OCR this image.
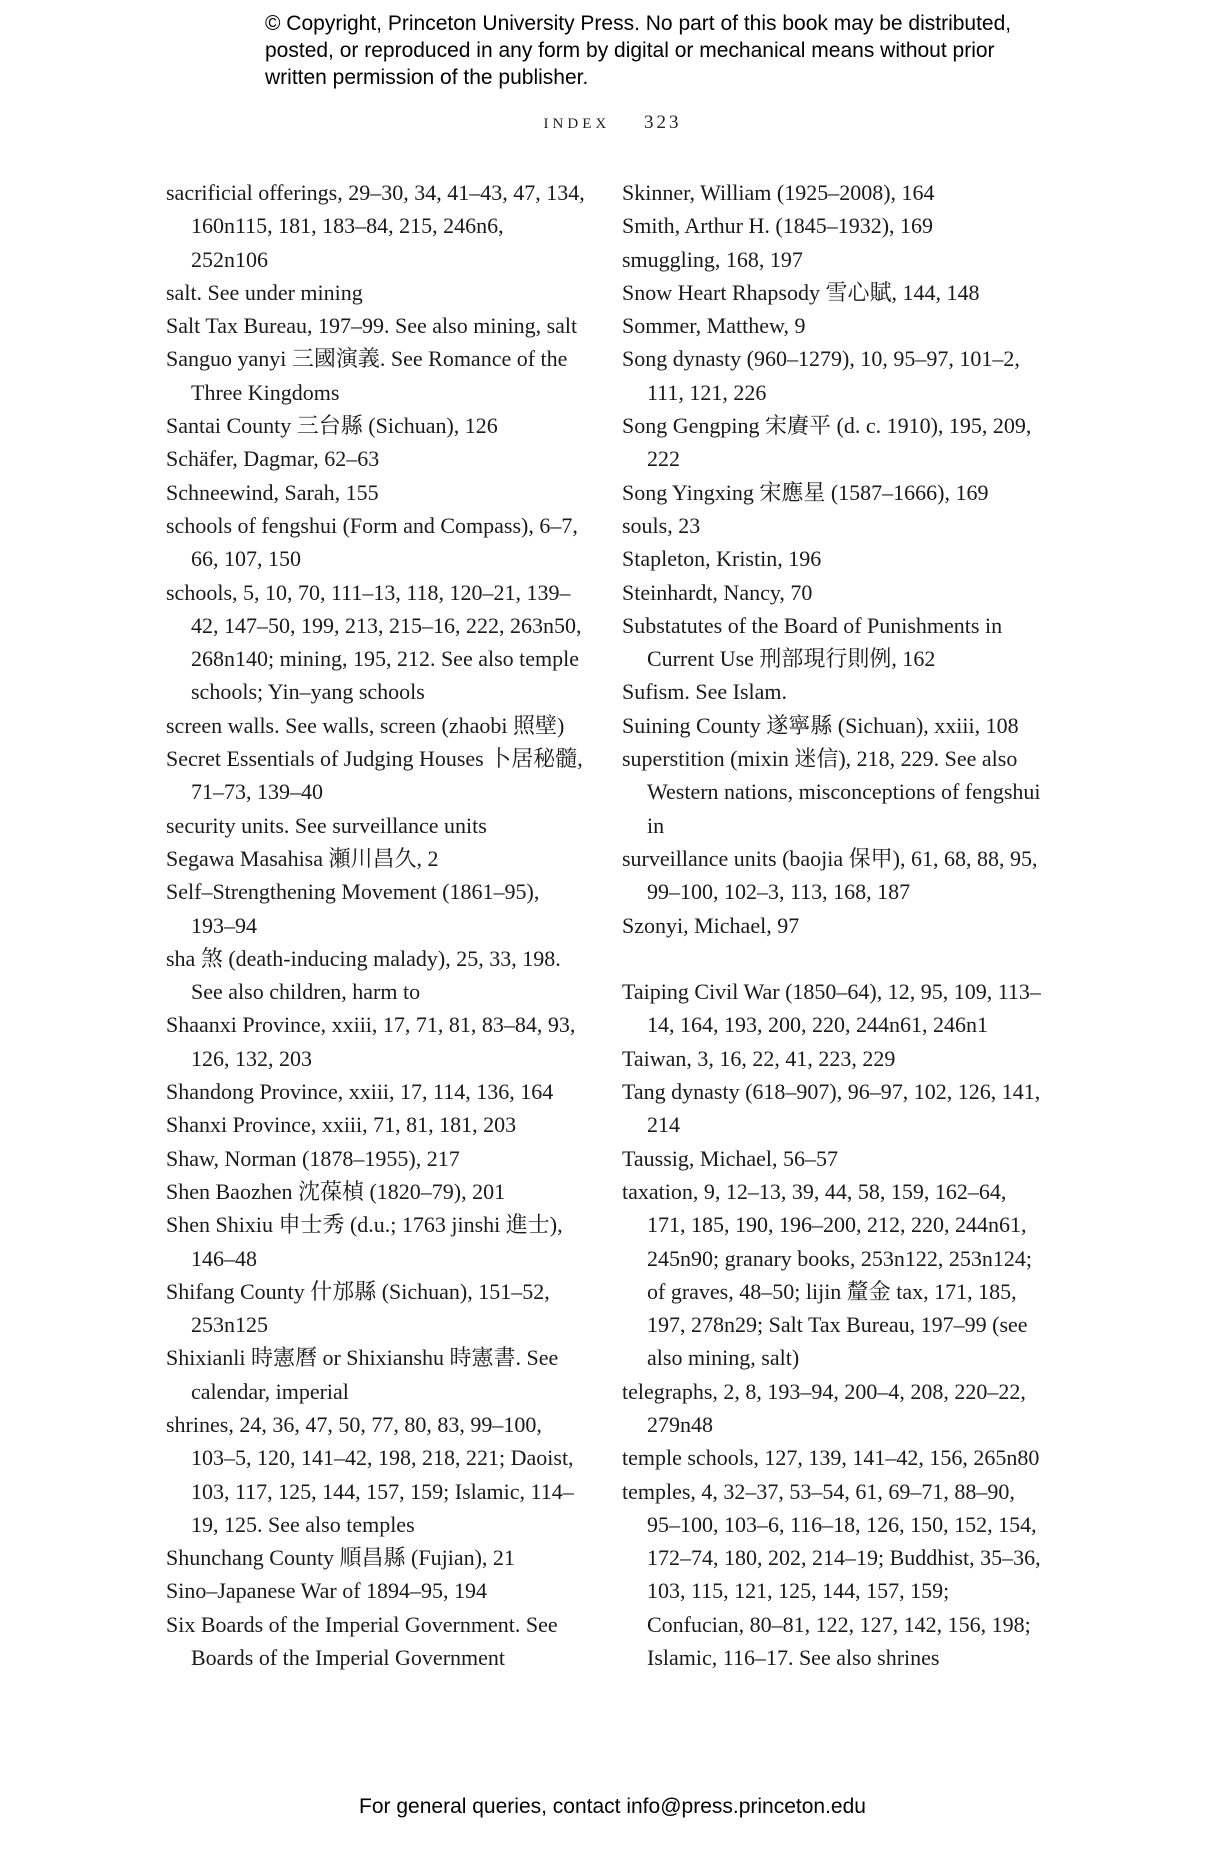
© Copyright, Princeton University Press. No part of this book may be distributed, posted, or reproduced in any form by digital or mechanical means without prior written permission of the publisher.
INDEX 323

sacrificial offerings, 29–30, 34, 41–43, 47, 134, 160n115, 181, 183–84, 215, 246n6, 252n106

salt. See under mining

Salt Tax Bureau, 197–99. See also mining, salt

Sanguo yanyi 三國演義. See Romance of the Three Kingdoms

Santai County 三台縣 (Sichuan), 126

Schäfer, Dagmar, 62–63

Schneewind, Sarah, 155

schools of fengshui (Form and Compass), 6–7, 66, 107, 150

schools, 5, 10, 70, 111–13, 118, 120–21, 139–42, 147–50, 199, 213, 215–16, 222, 263n50, 268n140; mining, 195, 212. See also temple schools; Yin–yang schools

screen walls. See walls, screen (zhaobi 照壁)

Secret Essentials of Judging Houses 卜居秘髓, 71–73, 139–40

security units. See surveillance units

Segawa Masahisa 瀬川昌久, 2

Self–Strengthening Movement (1861–95), 193–94

sha 煞 (death-inducing malady), 25, 33, 198. See also children, harm to

Shaanxi Province, xxiii, 17, 71, 81, 83–84, 93, 126, 132, 203

Shandong Province, xxiii, 17, 114, 136, 164

Shanxi Province, xxiii, 71, 81, 181, 203

Shaw, Norman (1878–1955), 217

Shen Baozhen 沈葆楨 (1820–79), 201

Shen Shixiu 申士秀 (d.u.; 1763 jinshi 進士), 146–48

Shifang County 什邡縣 (Sichuan), 151–52, 253n125

Shixianli 時憲曆 or Shixianshu 時憲書. See calendar, imperial

shrines, 24, 36, 47, 50, 77, 80, 83, 99–100, 103–5, 120, 141–42, 198, 218, 221; Daoist, 103, 117, 125, 144, 157, 159; Islamic, 114–19, 125. See also temples

Shunchang County 順昌縣 (Fujian), 21

Sino–Japanese War of 1894–95, 194

Six Boards of the Imperial Government. See Boards of the Imperial Government

Skinner, William (1925–2008), 164

Smith, Arthur H. (1845–1932), 169

smuggling, 168, 197

Snow Heart Rhapsody 雪心賦, 144, 148

Sommer, Matthew, 9

Song dynasty (960–1279), 10, 95–97, 101–2, 111, 121, 226

Song Gengping 宋賡平 (d. c. 1910), 195, 209, 222

Song Yingxing 宋應星 (1587–1666), 169

souls, 23

Stapleton, Kristin, 196

Steinhardt, Nancy, 70

Substatutes of the Board of Punishments in Current Use 刑部現行則例, 162

Sufism. See Islam.

Suining County 遂寧縣 (Sichuan), xxiii, 108

superstition (mixin 迷信), 218, 229. See also Western nations, misconceptions of fengshui in

surveillance units (baojia 保甲), 61, 68, 88, 95, 99–100, 102–3, 113, 168, 187

Szonyi, Michael, 97

Taiping Civil War (1850–64), 12, 95, 109, 113–14, 164, 193, 200, 220, 244n61, 246n1

Taiwan, 3, 16, 22, 41, 223, 229

Tang dynasty (618–907), 96–97, 102, 126, 141, 214

Taussig, Michael, 56–57

taxation, 9, 12–13, 39, 44, 58, 159, 162–64, 171, 185, 190, 196–200, 212, 220, 244n61, 245n90; granary books, 253n122, 253n124; of graves, 48–50; lijin 釐金 tax, 171, 185, 197, 278n29; Salt Tax Bureau, 197–99 (see also mining, salt)

telegraphs, 2, 8, 193–94, 200–4, 208, 220–22, 279n48

temple schools, 127, 139, 141–42, 156, 265n80

temples, 4, 32–37, 53–54, 61, 69–71, 88–90, 95–100, 103–6, 116–18, 126, 150, 152, 154, 172–74, 180, 202, 214–19; Buddhist, 35–36, 103, 115, 121, 125, 144, 157, 159; Confucian, 80–81, 122, 127, 142, 156, 198; Islamic, 116–17. See also shrines

For general queries, contact info@press.princeton.edu
